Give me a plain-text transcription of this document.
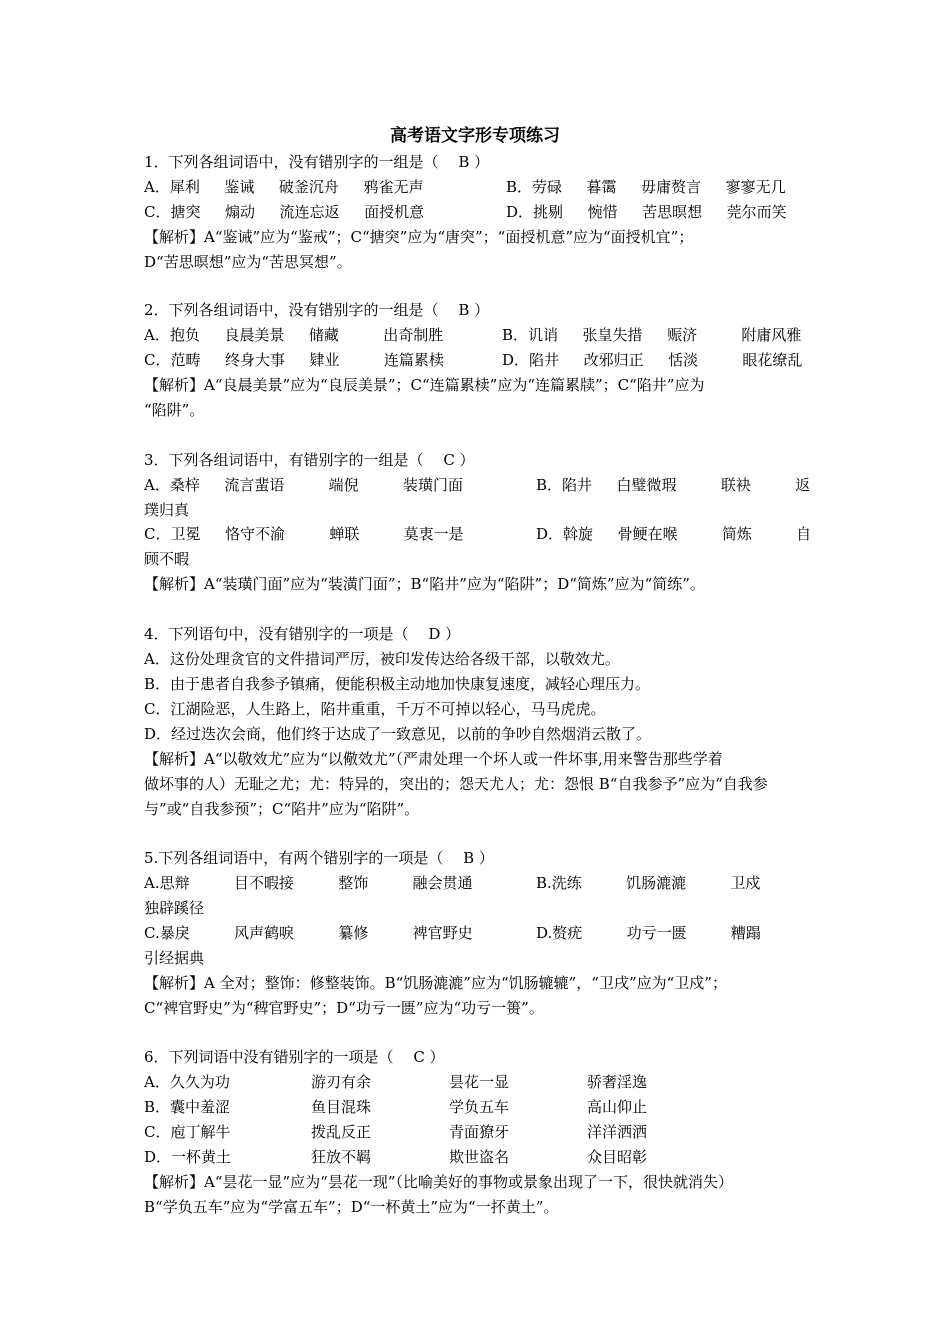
高考语文字形专项练习
1．下列各组词语中，没有错别字的一组是（ 　B ）
A．犀利 　 鉴诫 　 破釜沉舟 　 鸦雀无声	B．劳碌 　 暮霭 　 毋庸赘言 　 寥寥无几
C．搪突 　 煽动 　 流连忘返 　 面授机意	D．挑剔 　 惋惜 　 苦思暝想 　 莞尔而笑
【解析】A“鉴诫”应为“鉴戒”；C“搪突”应为“唐突”；“面授机意”应为“面授机宜”；
D“苦思暝想”应为“苦思冥想”。
2．下列各组词语中，没有错别字的一组是（ 　B ）
A．抱负 　 良晨美景 　 储藏 　 　 出奇制胜	B．讥诮 　 张皇失措 　 赈济 　 　 附庸风雅
C．范畴 　 终身大事 　 肄业 　 　 连篇累椟	D．陷井 　 改邪归正 　 恬淡 　 　 眼花缭乱
【解析】A“良晨美景”应为“良辰美景”；C“连篇累椟”应为“连篇累牍”；C“陷井”应为
“陷阱”。
3．下列各组词语中，有错别字的一组是（ 　C ）
A．桑梓 　 流言蜚语 　 　 端倪 　 　 装璜门面	B．陷井 　 白璧微瑕 　 　 联袂 　 　 返
璞归真
C．卫冕 　 恪守不渝 　 　 蝉联 　 　 莫衷一是	D．斡旋 　 骨鲠在喉 　 　 简炼 　 　 自
顾不暇
【解析】A“装璜门面”应为“装潢门面”；B“陷井”应为“陷阱”；D“简炼”应为“简练”。
4．下列语句中，没有错别字的一项是（ 　D ）
A．这份处理贪官的文件措词严厉，被印发传达给各级干部，以敬效尤。
B．由于患者自我参予镇痛，便能积极主动地加快康复速度，减轻心理压力。
C．江湖险恶，人生路上，陷井重重，千万不可掉以轻心，马马虎虎。
D．经过迭次会商，他们终于达成了一致意见，以前的争吵自然烟消云散了。
【解析】A“以敬效尤”应为“以儆效尤”（严肃处理一个坏人或一件坏事,用来警告那些学着
做坏事的人）无耻之尤；尤：特异的，突出的；怨天尤人；尤：怨恨 B“自我参予”应为“自我参
与”或“自我参预”；C“陷井”应为“陷阱”。
5.下列各组词语中，有两个错别字的一项是（ 　B ）
A.思辩 　 　 目不暇接 　 　 整饰 　 　 融会贯通	B.洗练 　 　 饥肠漉漉 　 　 卫戍
独辟蹊径
C.暴戾 　 　 风声鹤唳 　 　 纂修 　 　 裨官野史	D.赘疣 　 　 功亏一匮 　 　 糟蹋
引经据典
【解析】A 全对；整饰：修整装饰。B“饥肠漉漉”应为“饥肠辘辘”，“卫戌”应为“卫戍”；
C“裨官野史”为“稗官野史”；D“功亏一匮”应为“功亏一篑”。
6．下列词语中没有错别字的一项是（ 　C ）
A．久久为功	游刃有余	昙花一显	骄奢淫逸
B．囊中羞涩	鱼目混珠	学负五车	高山仰止
C．庖丁解牛	拨乱反正	青面獠牙	洋洋洒洒
D．一杯黄土	狂放不羁	欺世盗名	众目昭彰
【解析】A“昙花一显”应为“昙花一现”（比喻美好的事物或景象出现了一下，很快就消失）
B“学负五车”应为“学富五车”；D“一杯黄土”应为“一抔黄土”。
